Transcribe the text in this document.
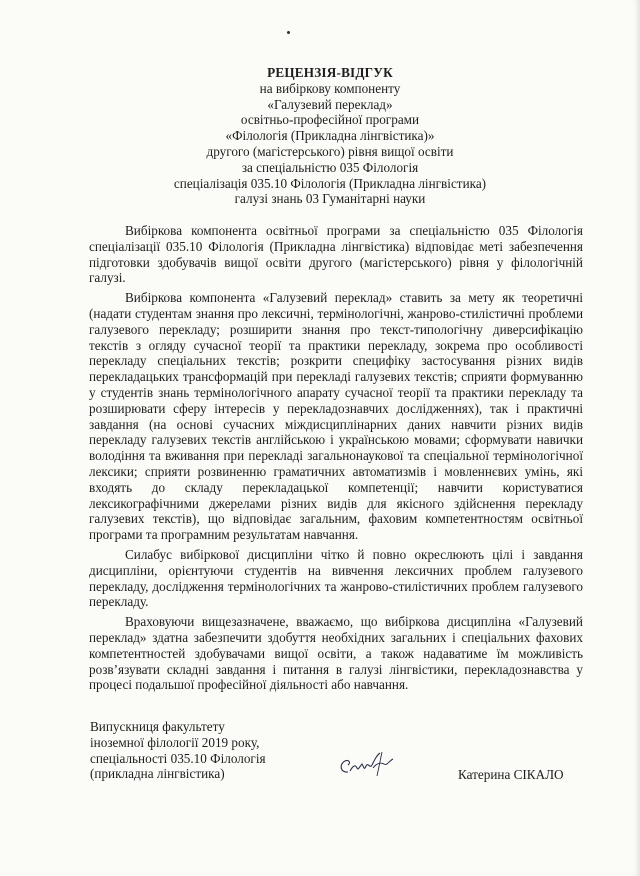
РЕЦЕНЗІЯ-ВІДГУК
на вибіркову компоненту
«Галузевий переклад»
освітньо-професійної програми
«Філологія (Прикладна лінгвістика)»
другого (магістерського) рівня вищої освіти
за спеціальністю 035 Філологія
спеціалізація 035.10 Філологія (Прикладна лінгвістика)
галузі знань 03 Гуманітарні науки

Вибіркова компонента освітньої програми за спеціальністю 035 Філологія спеціалізації 035.10 Філологія (Прикладна лінгвістика) відповідає меті забезпечення підготовки здобувачів вищої освіти другого (магістерського) рівня у філологічній галузі.

Вибіркова компонента «Галузевий переклад» ставить за мету як теоретичні (надати студентам знання про лексичні, термінологічні, жанрово-стилістичні проблеми галузевого перекладу; розширити знання про текст-типологічну диверсифікацію текстів з огляду сучасної теорії та практики перекладу, зокрема про особливості перекладу спеціальних текстів; розкрити специфіку застосування різних видів перекладацьких трансформацій при перекладі галузевих текстів; сприяти формуванню у студентів знань термінологічного апарату сучасної теорії та практики перекладу та розширювати сферу інтересів у перекладознавчих дослідженнях), так і практичні завдання (на основі сучасних міждисциплінарних даних навчити різних видів перекладу галузевих текстів англійською і українською мовами; сформувати навички володіння та вживання при перекладі загальнонаукової та спеціальної термінологічної лексики; сприяти розвиненню граматичних автоматизмів і мовленнєвих умінь, які входять до складу перекладацької компетенції; навчити користуватися лексикографічними джерелами різних видів для якісного здійснення перекладу галузевих текстів), що відповідає загальним, фаховим компетентностям освітньої програми та програмним результатам навчання.

Силабус вибіркової дисципліни чітко й повно окреслюють цілі і завдання дисципліни, орієнтуючи студентів на вивчення лексичних проблем галузевого перекладу, дослідження термінологічних та жанрово-стилістичних проблем галузевого перекладу.

Враховуючи вищезазначене, вважаємо, що вибіркова дисципліна «Галузевий переклад» здатна забезпечити здобуття необхідних загальних і спеціальних фахових компетентностей здобувачами вищої освіти, а також надаватиме їм можливість розв’язувати складні завдання і питання в галузі лінгвістики, перекладознавства у процесі подальшої професійної діяльності або навчання.

Випускниця факультету
іноземної філології 2019 року,
спеціальності 035.10 Філологія
(прикладна лінгвістика)	Катерина СІКАЛО
